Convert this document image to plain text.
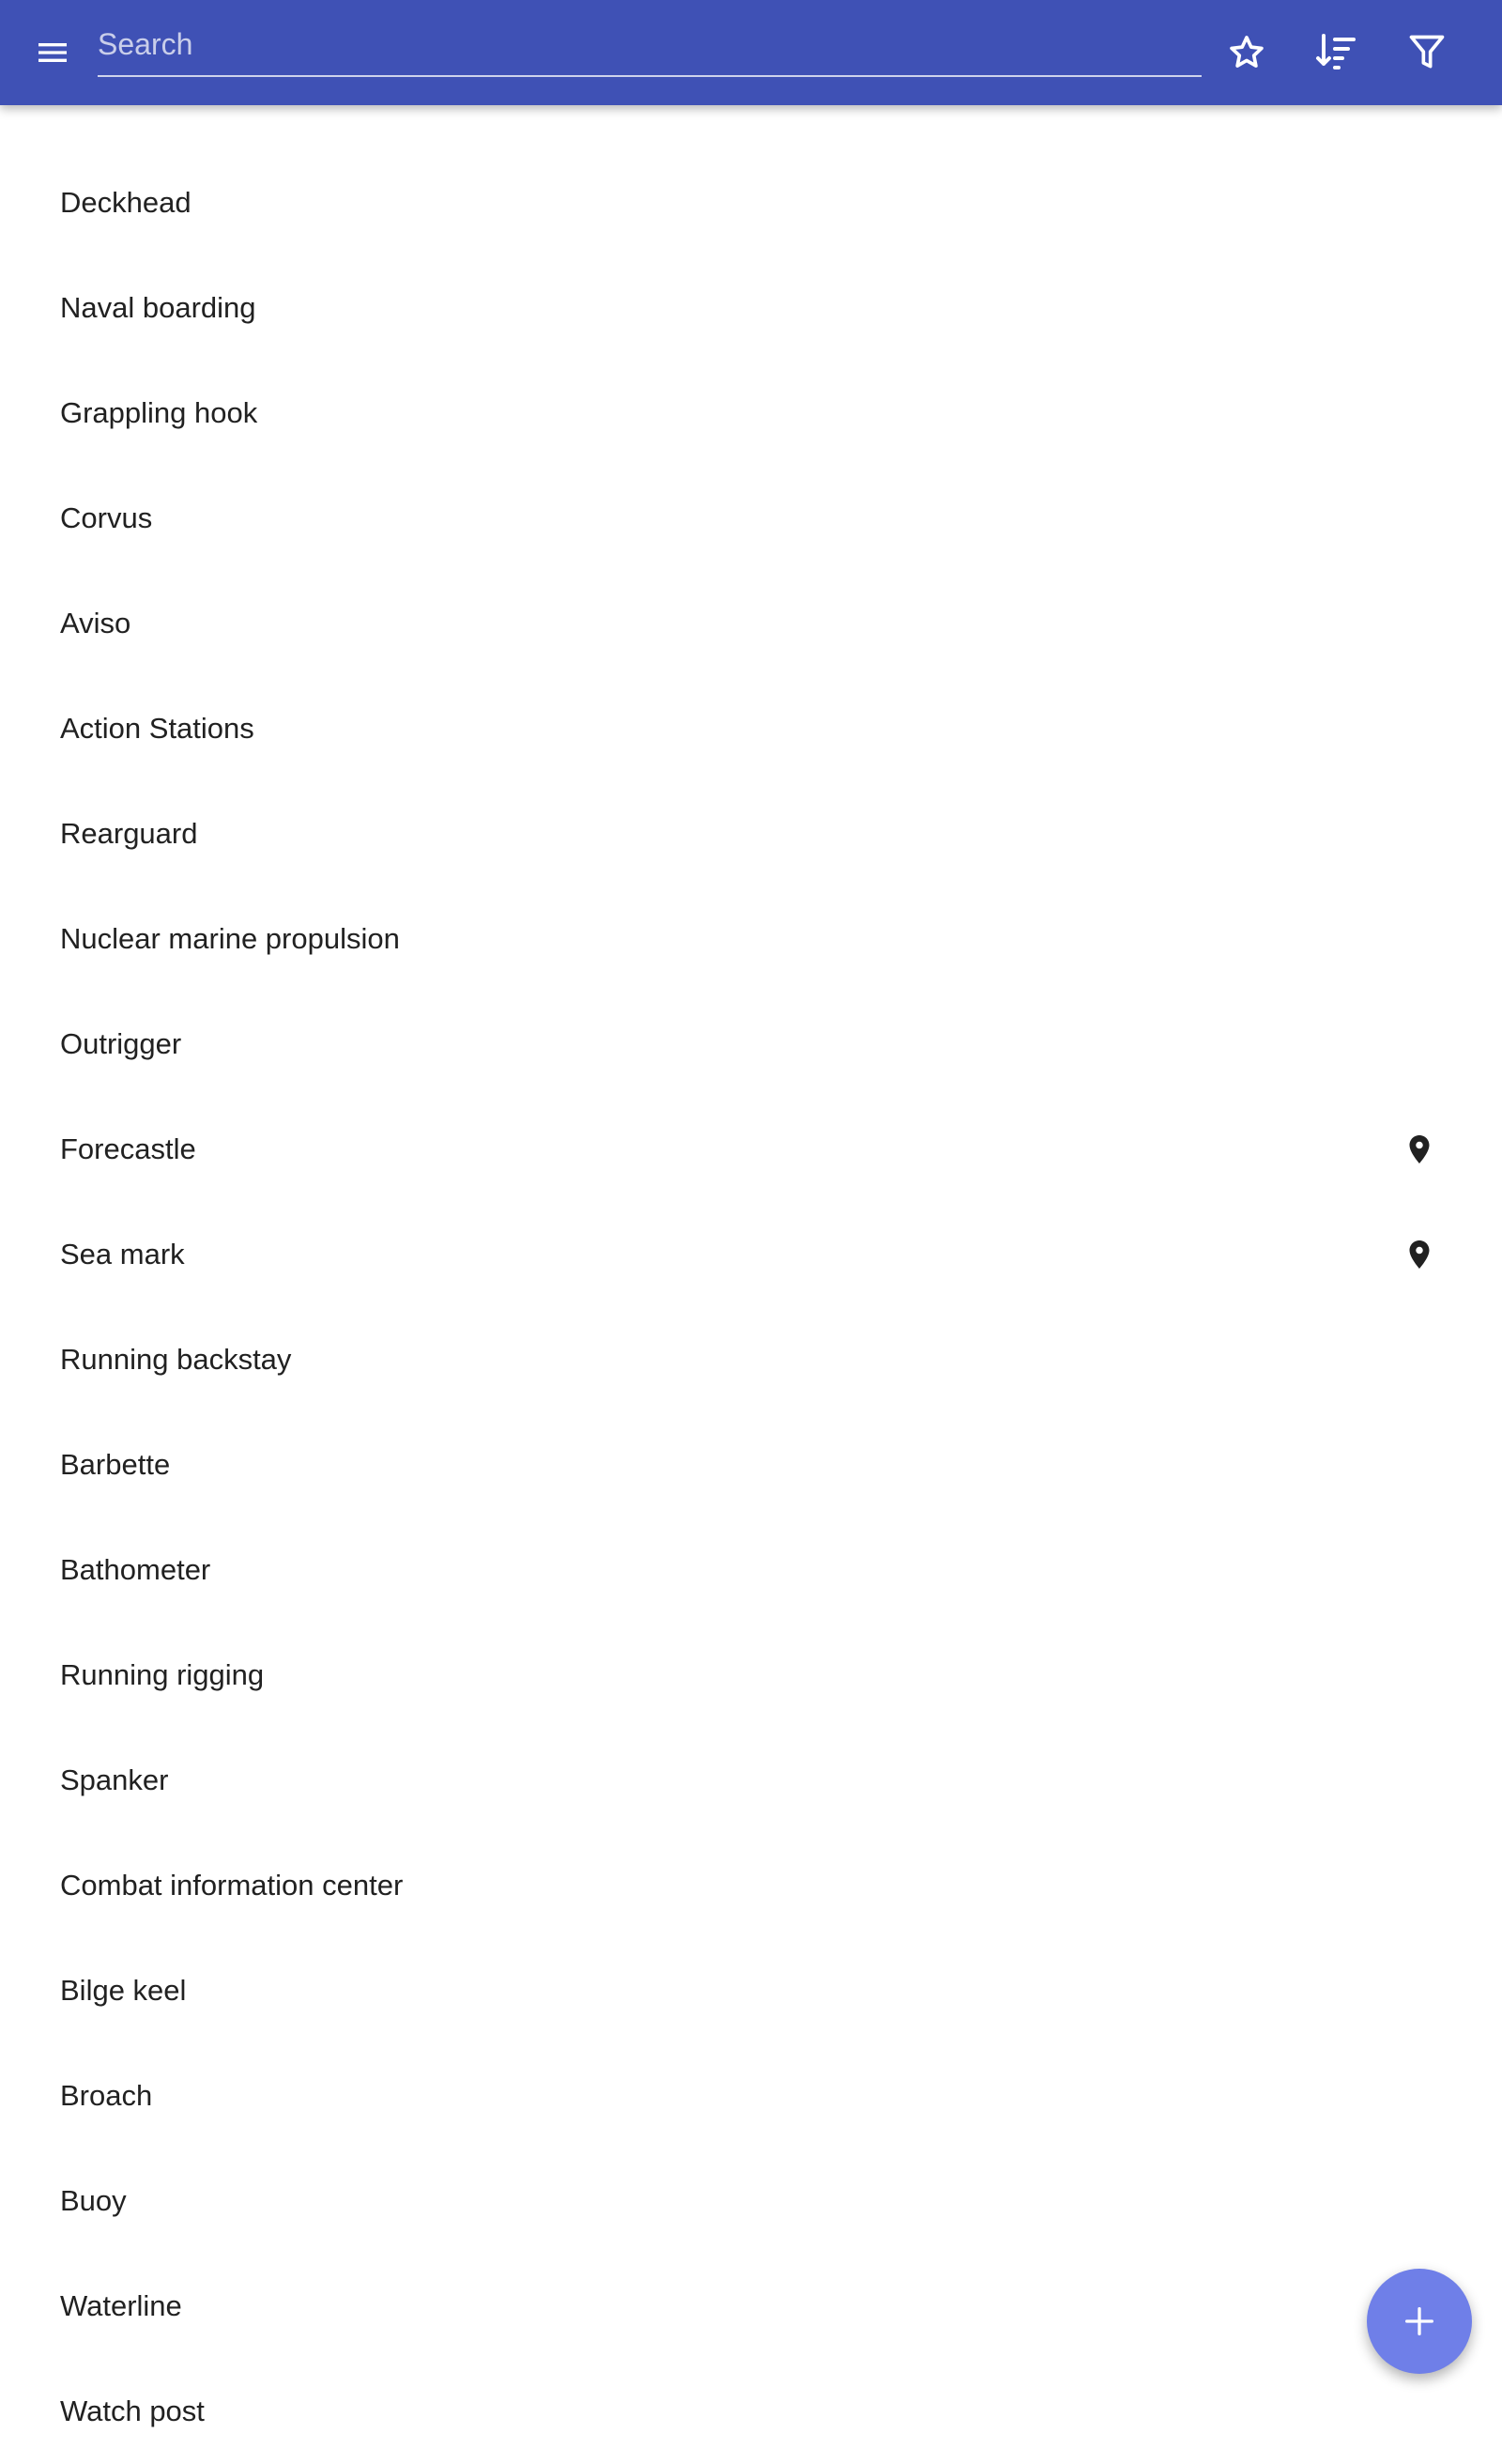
Search
Deckhead
Naval boarding
Grappling hook
Corvus
Aviso
Action Stations
Rearguard
Nuclear marine propulsion
Outrigger
Forecastle
Sea mark
Running backstay
Barbette
Bathometer
Running rigging
Spanker
Combat information center
Bilge keel
Broach
Buoy
Waterline
Watch post
